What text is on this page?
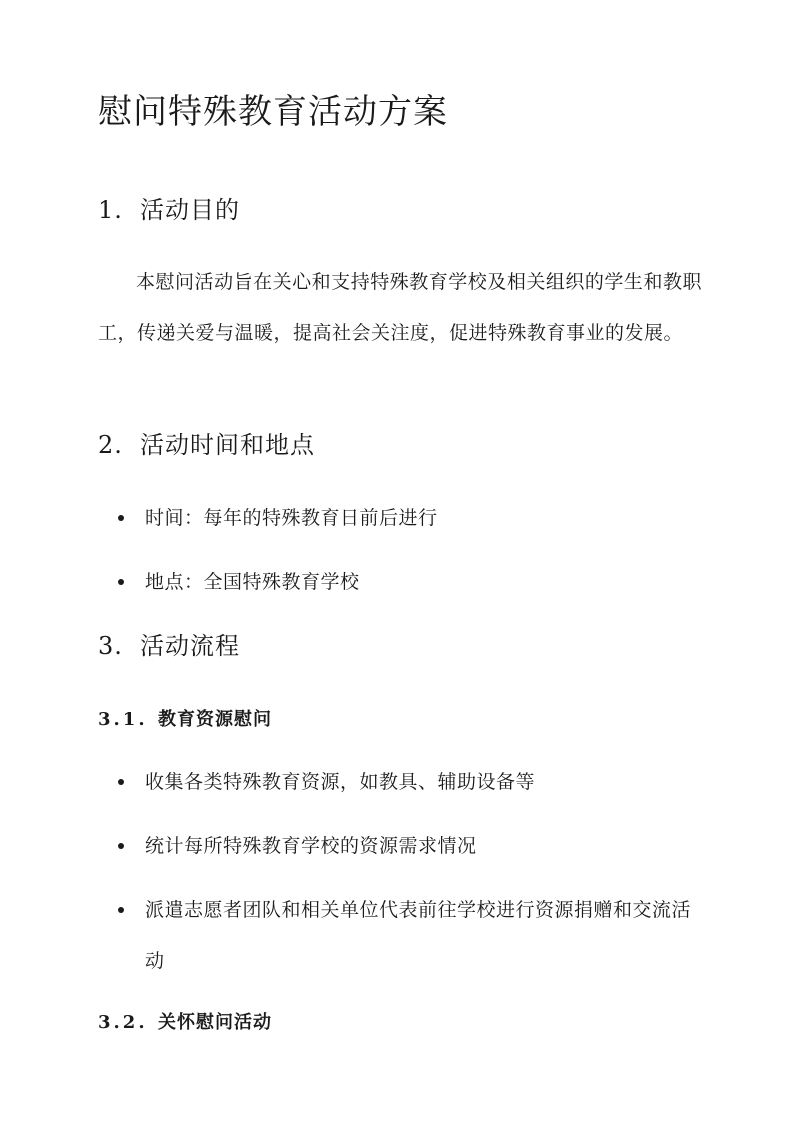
慰问特殊教育活动方案
1. 活动目的

本慰问活动旨在关心和支持特殊教育学校及相关组织的学生和教职工，传递关爱与温暖，提高社会关注度，促进特殊教育事业的发展。

2. 活动时间和地点
时间：每年的特殊教育日前后进行
地点：全国特殊教育学校
3. 活动流程
3.1. 教育资源慰问
收集各类特殊教育资源，如教具、辅助设备等
统计每所特殊教育学校的资源需求情况
派遣志愿者团队和相关单位代表前往学校进行资源捐赠和交流活动
3.2. 关怀慰问活动
